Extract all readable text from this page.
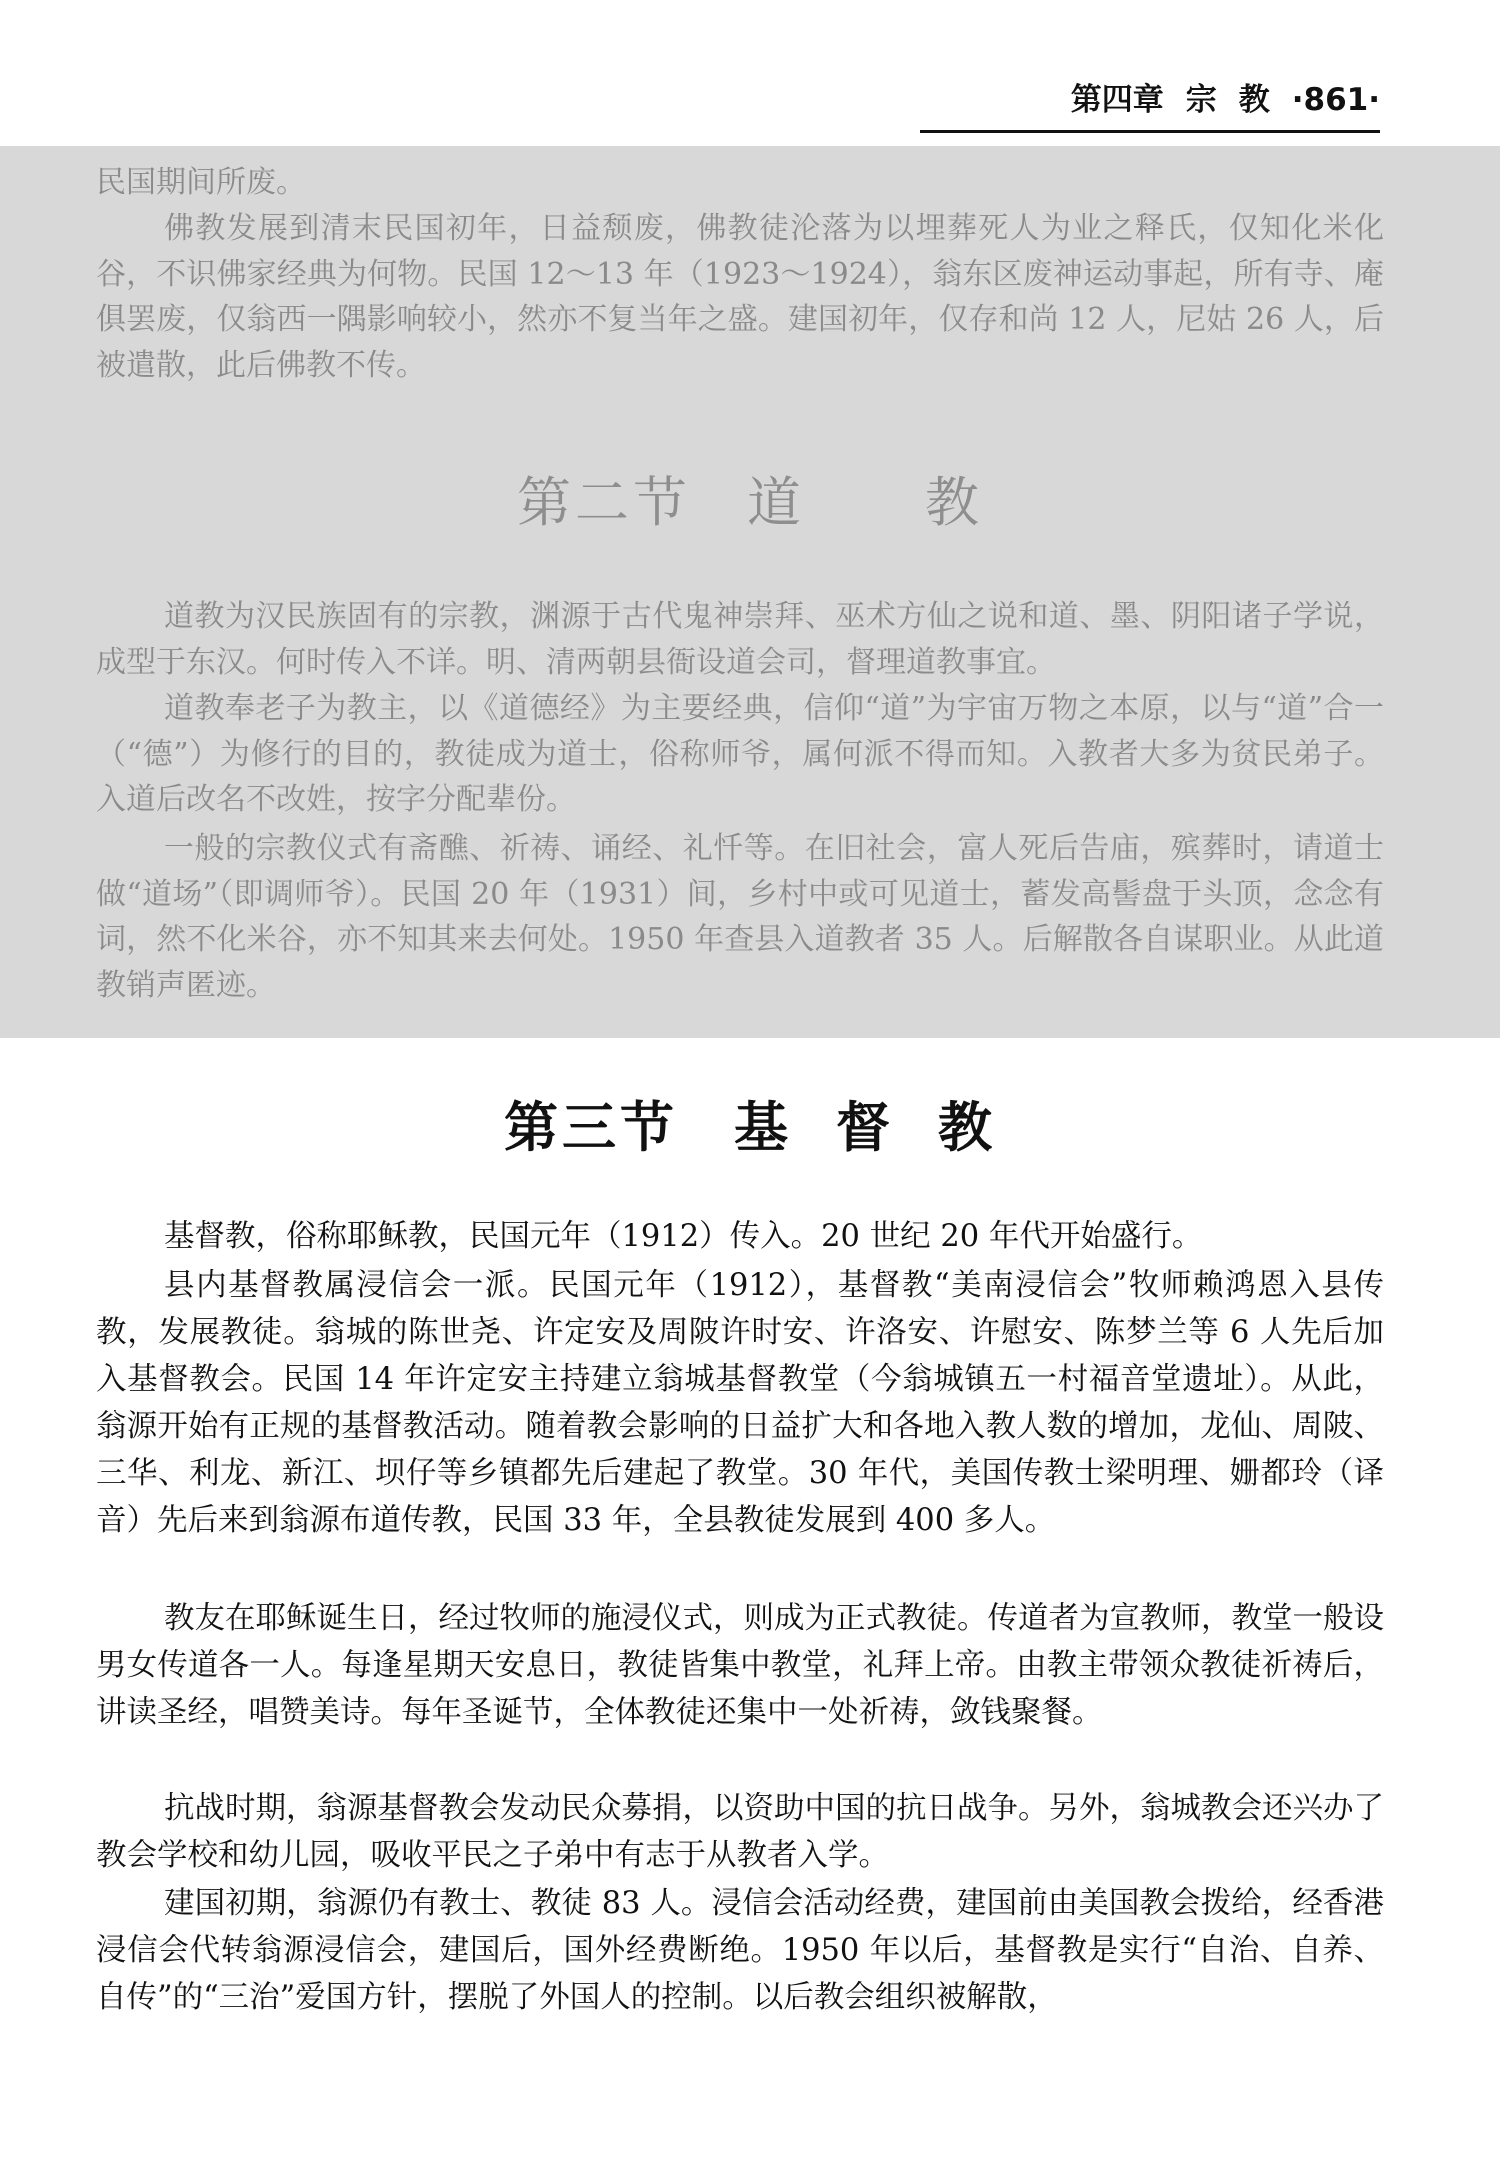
第四章 宗 教 ·861·

民国期间所废。

佛教发展到清末民国初年，日益颓废，佛教徒沦落为以埋葬死人为业之释氏，仅知化米化谷，不识佛家经典为何物。民国 12～13 年（1923～1924），翁东区废神运动事起，所有寺、庵俱罢废，仅翁西一隅影响较小，然亦不复当年之盛。建国初年，仅存和尚 12 人，尼姑 26 人，后被遣散，此后佛教不传。

第二节 道 教

道教为汉民族固有的宗教，渊源于古代鬼神崇拜、巫术方仙之说和道、墨、阴阳诸子学说，成型于东汉。何时传入不详。明、清两朝县衙设道会司，督理道教事宜。

道教奉老子为教主，以《道德经》为主要经典，信仰“道”为宇宙万物之本原，以与“道”合一（“德”）为修行的目的，教徒成为道士，俗称师爷，属何派不得而知。入教者大多为贫民弟子。入道后改名不改姓，按字分配辈份。

一般的宗教仪式有斋醮、祈祷、诵经、礼忏等。在旧社会，富人死后告庙，殡葬时，请道士做“道场”（即调师爷）。民国 20 年（1931）间，乡村中或可见道士，蓄发高髻盘于头顶，念念有词，然不化米谷，亦不知其来去何处。1950 年查县入道教者 35 人。后解散各自谋职业。从此道教销声匿迹。

第三节 基 督 教

基督教，俗称耶稣教，民国元年（1912）传入。20 世纪 20 年代开始盛行。

县内基督教属浸信会一派。民国元年（1912），基督教“美南浸信会”牧师赖鸿恩入县传教，发展教徒。翁城的陈世尧、许定安及周陂许时安、许洛安、许慰安、陈梦兰等 6 人先后加入基督教会。民国 14 年许定安主持建立翁城基督教堂（今翁城镇五一村福音堂遗址）。从此，翁源开始有正规的基督教活动。随着教会影响的日益扩大和各地入教人数的增加，龙仙、周陂、三华、利龙、新江、坝仔等乡镇都先后建起了教堂。30 年代，美国传教士梁明理、姗都玲（译音）先后来到翁源布道传教，民国 33 年，全县教徒发展到 400 多人。

教友在耶稣诞生日，经过牧师的施浸仪式，则成为正式教徒。传道者为宣教师，教堂一般设男女传道各一人。每逢星期天安息日，教徒皆集中教堂，礼拜上帝。由教主带领众教徒祈祷后，讲读圣经，唱赞美诗。每年圣诞节，全体教徒还集中一处祈祷，敛钱聚餐。

抗战时期，翁源基督教会发动民众募捐，以资助中国的抗日战争。另外，翁城教会还兴办了教会学校和幼儿园，吸收平民之子弟中有志于从教者入学。

建国初期，翁源仍有教士、教徒 83 人。浸信会活动经费，建国前由美国教会拨给，经香港浸信会代转翁源浸信会，建国后，国外经费断绝。1950 年以后，基督教是实行“自治、自养、自传”的“三治”爱国方针，摆脱了外国人的控制。以后教会组织被解散，
